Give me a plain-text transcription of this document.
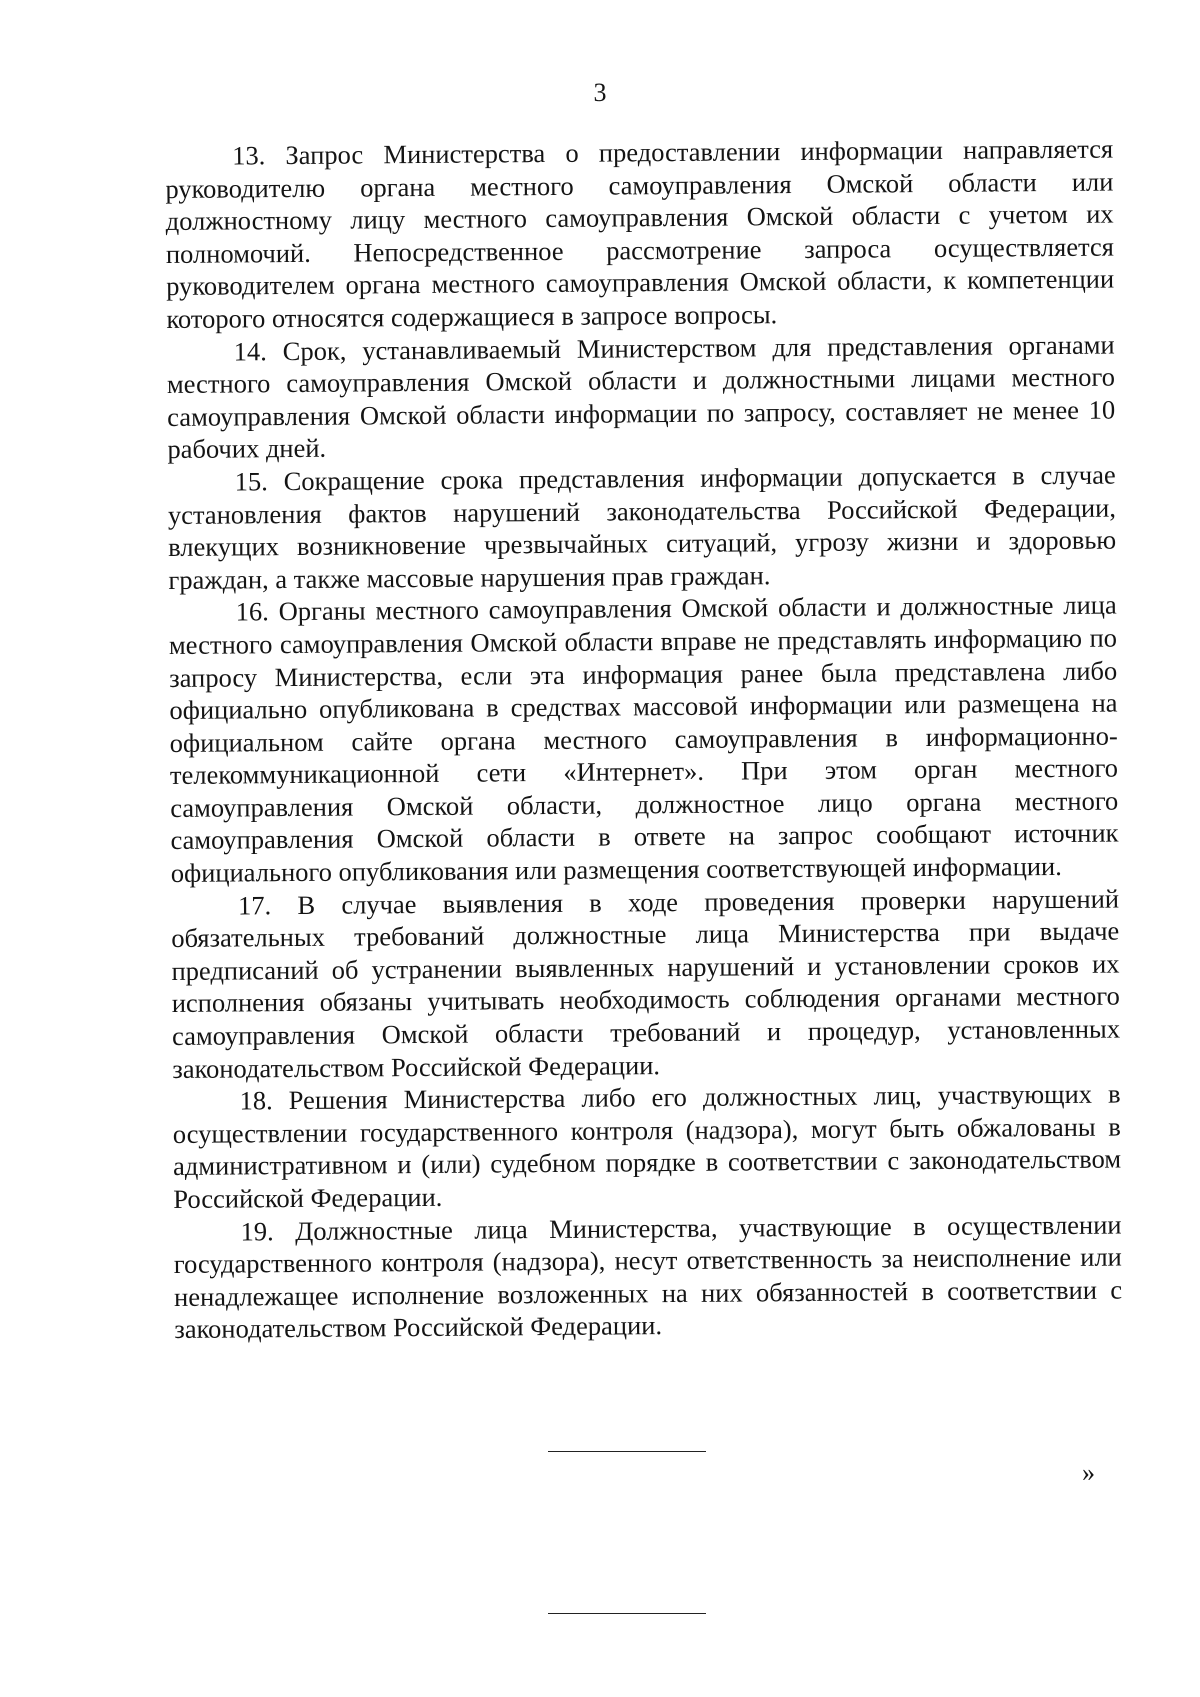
3

13. Запрос Министерства о предоставлении информации направляется руководителю органа местного самоуправления Омской области или должностному лицу местного самоуправления Омской области с учетом их полномочий. Непосредственное рассмотрение запроса осуществляется руководителем органа местного самоуправления Омской области, к компетенции которого относятся содержащиеся в запросе вопросы.

14. Срок, устанавливаемый Министерством для представления органами местного самоуправления Омской области и должностными лицами местного самоуправления Омской области информации по запросу, составляет не менее 10 рабочих дней.

15. Сокращение срока представления информации допускается в случае установления фактов нарушений законодательства Российской Федерации, влекущих возникновение чрезвычайных ситуаций, угрозу жизни и здоровью граждан, а также массовые нарушения прав граждан.

16. Органы местного самоуправления Омской области и должностные лица местного самоуправления Омской области вправе не представлять информацию по запросу Министерства, если эта информация ранее была представлена либо официально опубликована в средствах массовой информации или размещена на официальном сайте органа местного самоуправления в информационно-телекоммуникационной сети «Интернет». При этом орган местного самоуправления Омской области, должностное лицо органа местного самоуправления Омской области в ответе на запрос сообщают источник официального опубликования или размещения соответствующей информации.

17. В случае выявления в ходе проведения проверки нарушений обязательных требований должностные лица Министерства при выдаче предписаний об устранении выявленных нарушений и установлении сроков их исполнения обязаны учитывать необходимость соблюдения органами местного самоуправления Омской области требований и процедур, установленных законодательством Российской Федерации.

18. Решения Министерства либо его должностных лиц, участвующих в осуществлении государственного контроля (надзора), могут быть обжалованы в административном и (или) судебном порядке в соответствии с законодательством Российской Федерации.

19. Должностные лица Министерства, участвующие в осуществлении государственного контроля (надзора), несут ответственность за неисполнение или ненадлежащее исполнение возложенных на них обязанностей в соответствии с законодательством Российской Федерации.

»
